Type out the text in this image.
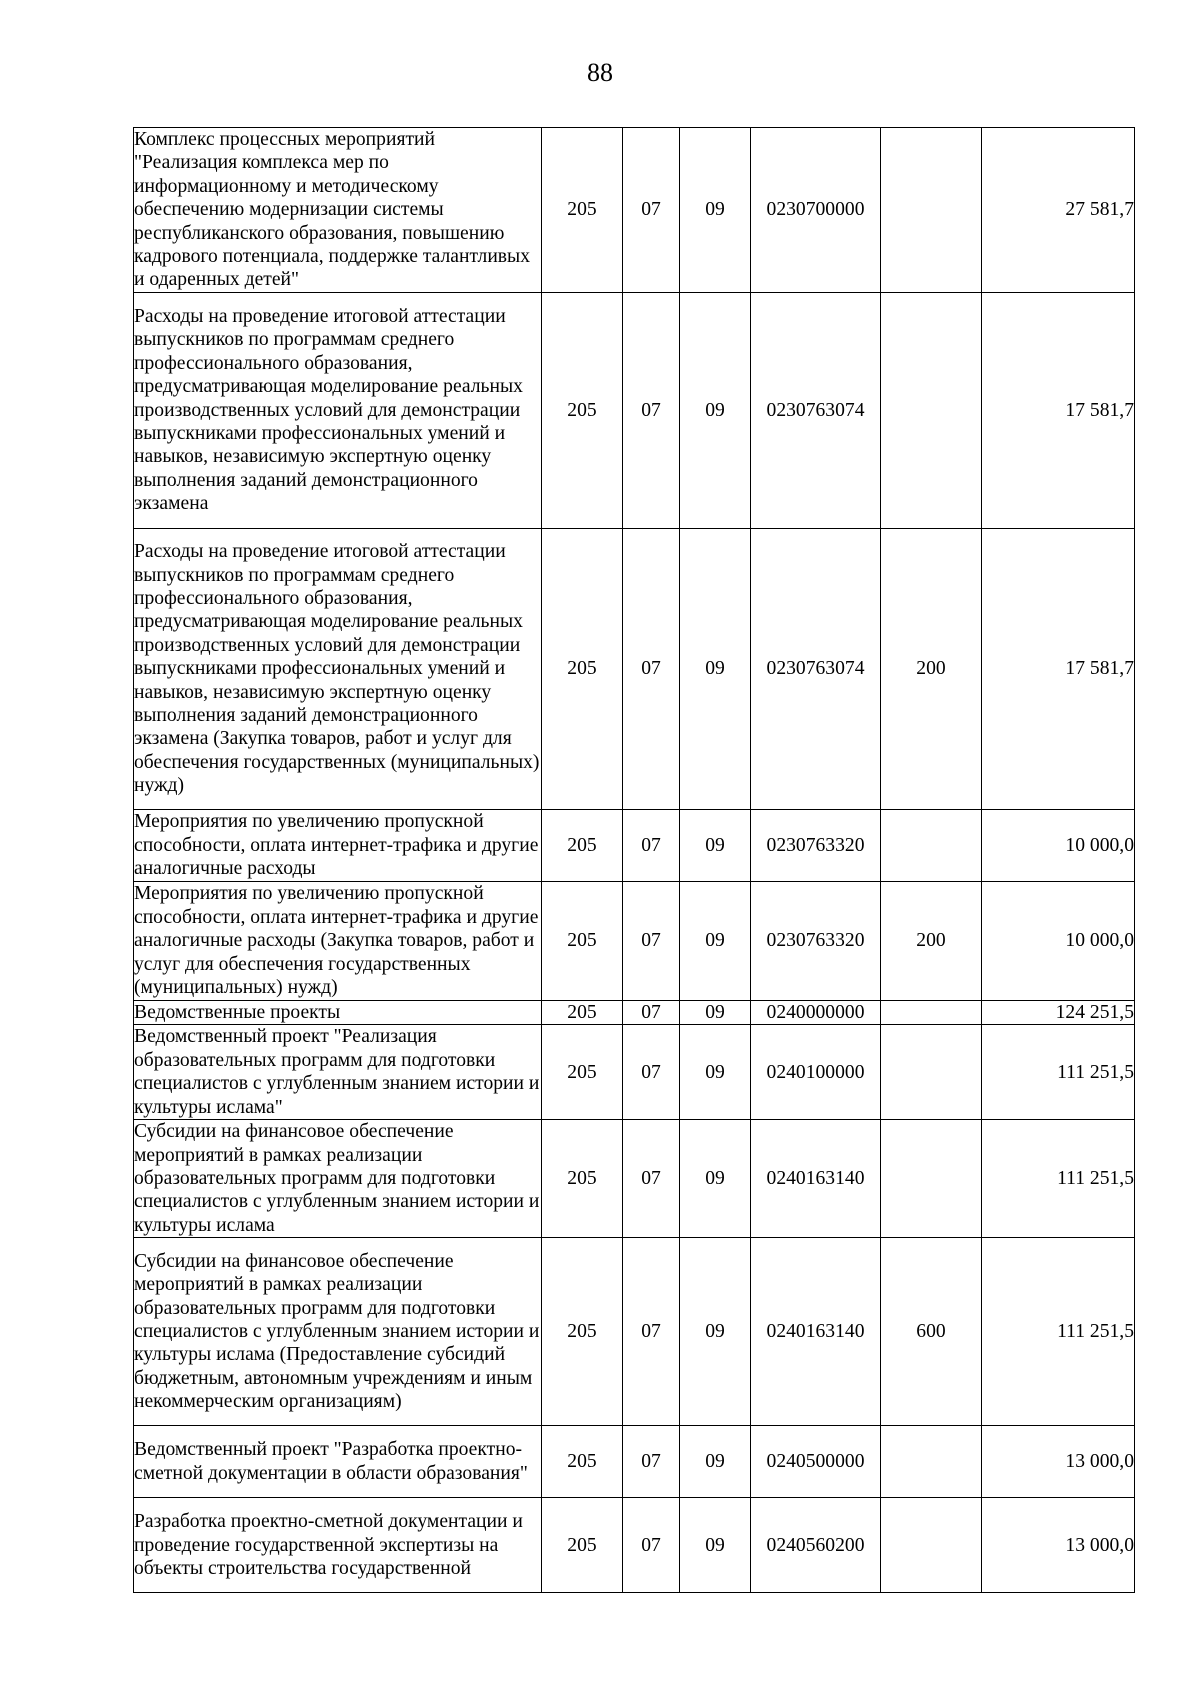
88
Комплекс процессных мероприятий "Реализация комплекса мер по информационному и методическому обеспечению модернизации системы республиканского образования, повышению кадрового потенциала, поддержке талантливых и одаренных детей"	205	07	09	0230700000		27 581,7
Расходы на проведение итоговой аттестации выпускников по программам среднего профессионального образования, предусматривающая моделирование реальных производственных условий для демонстрации выпускниками профессиональных умений и навыков, независимую экспертную оценку выполнения заданий демонстрационного экзамена	205	07	09	0230763074		17 581,7
Расходы на проведение итоговой аттестации выпускников по программам среднего профессионального образования, предусматривающая моделирование реальных производственных условий для демонстрации выпускниками профессиональных умений и навыков, независимую экспертную оценку выполнения заданий демонстрационного экзамена (Закупка товаров, работ и услуг для обеспечения государственных (муниципальных) нужд)	205	07	09	0230763074	200	17 581,7
Мероприятия по увеличению пропускной способности, оплата интернет-трафика и другие аналогичные расходы	205	07	09	0230763320		10 000,0
Мероприятия по увеличению пропускной способности, оплата интернет-трафика и другие аналогичные расходы (Закупка товаров, работ и услуг для обеспечения государственных (муниципальных) нужд)	205	07	09	0230763320	200	10 000,0
Ведомственные проекты	205	07	09	0240000000		124 251,5
Ведомственный проект "Реализация образовательных программ для подготовки специалистов с углубленным знанием истории и культуры ислама"	205	07	09	0240100000		111 251,5
Субсидии на финансовое обеспечение мероприятий в рамках реализации образовательных программ для подготовки специалистов с углубленным знанием истории и культуры ислама	205	07	09	0240163140		111 251,5
Субсидии на финансовое обеспечение мероприятий в рамках реализации образовательных программ для подготовки специалистов с углубленным знанием истории и культуры ислама (Предоставление субсидий бюджетным, автономным учреждениям и иным некоммерческим организациям)	205	07	09	0240163140	600	111 251,5
Ведомственный проект "Разработка проектно-сметной документации в области образования"	205	07	09	0240500000		13 000,0
Разработка проектно-сметной документации и проведение государственной экспертизы на объекты строительства государственной	205	07	09	0240560200		13 000,0
